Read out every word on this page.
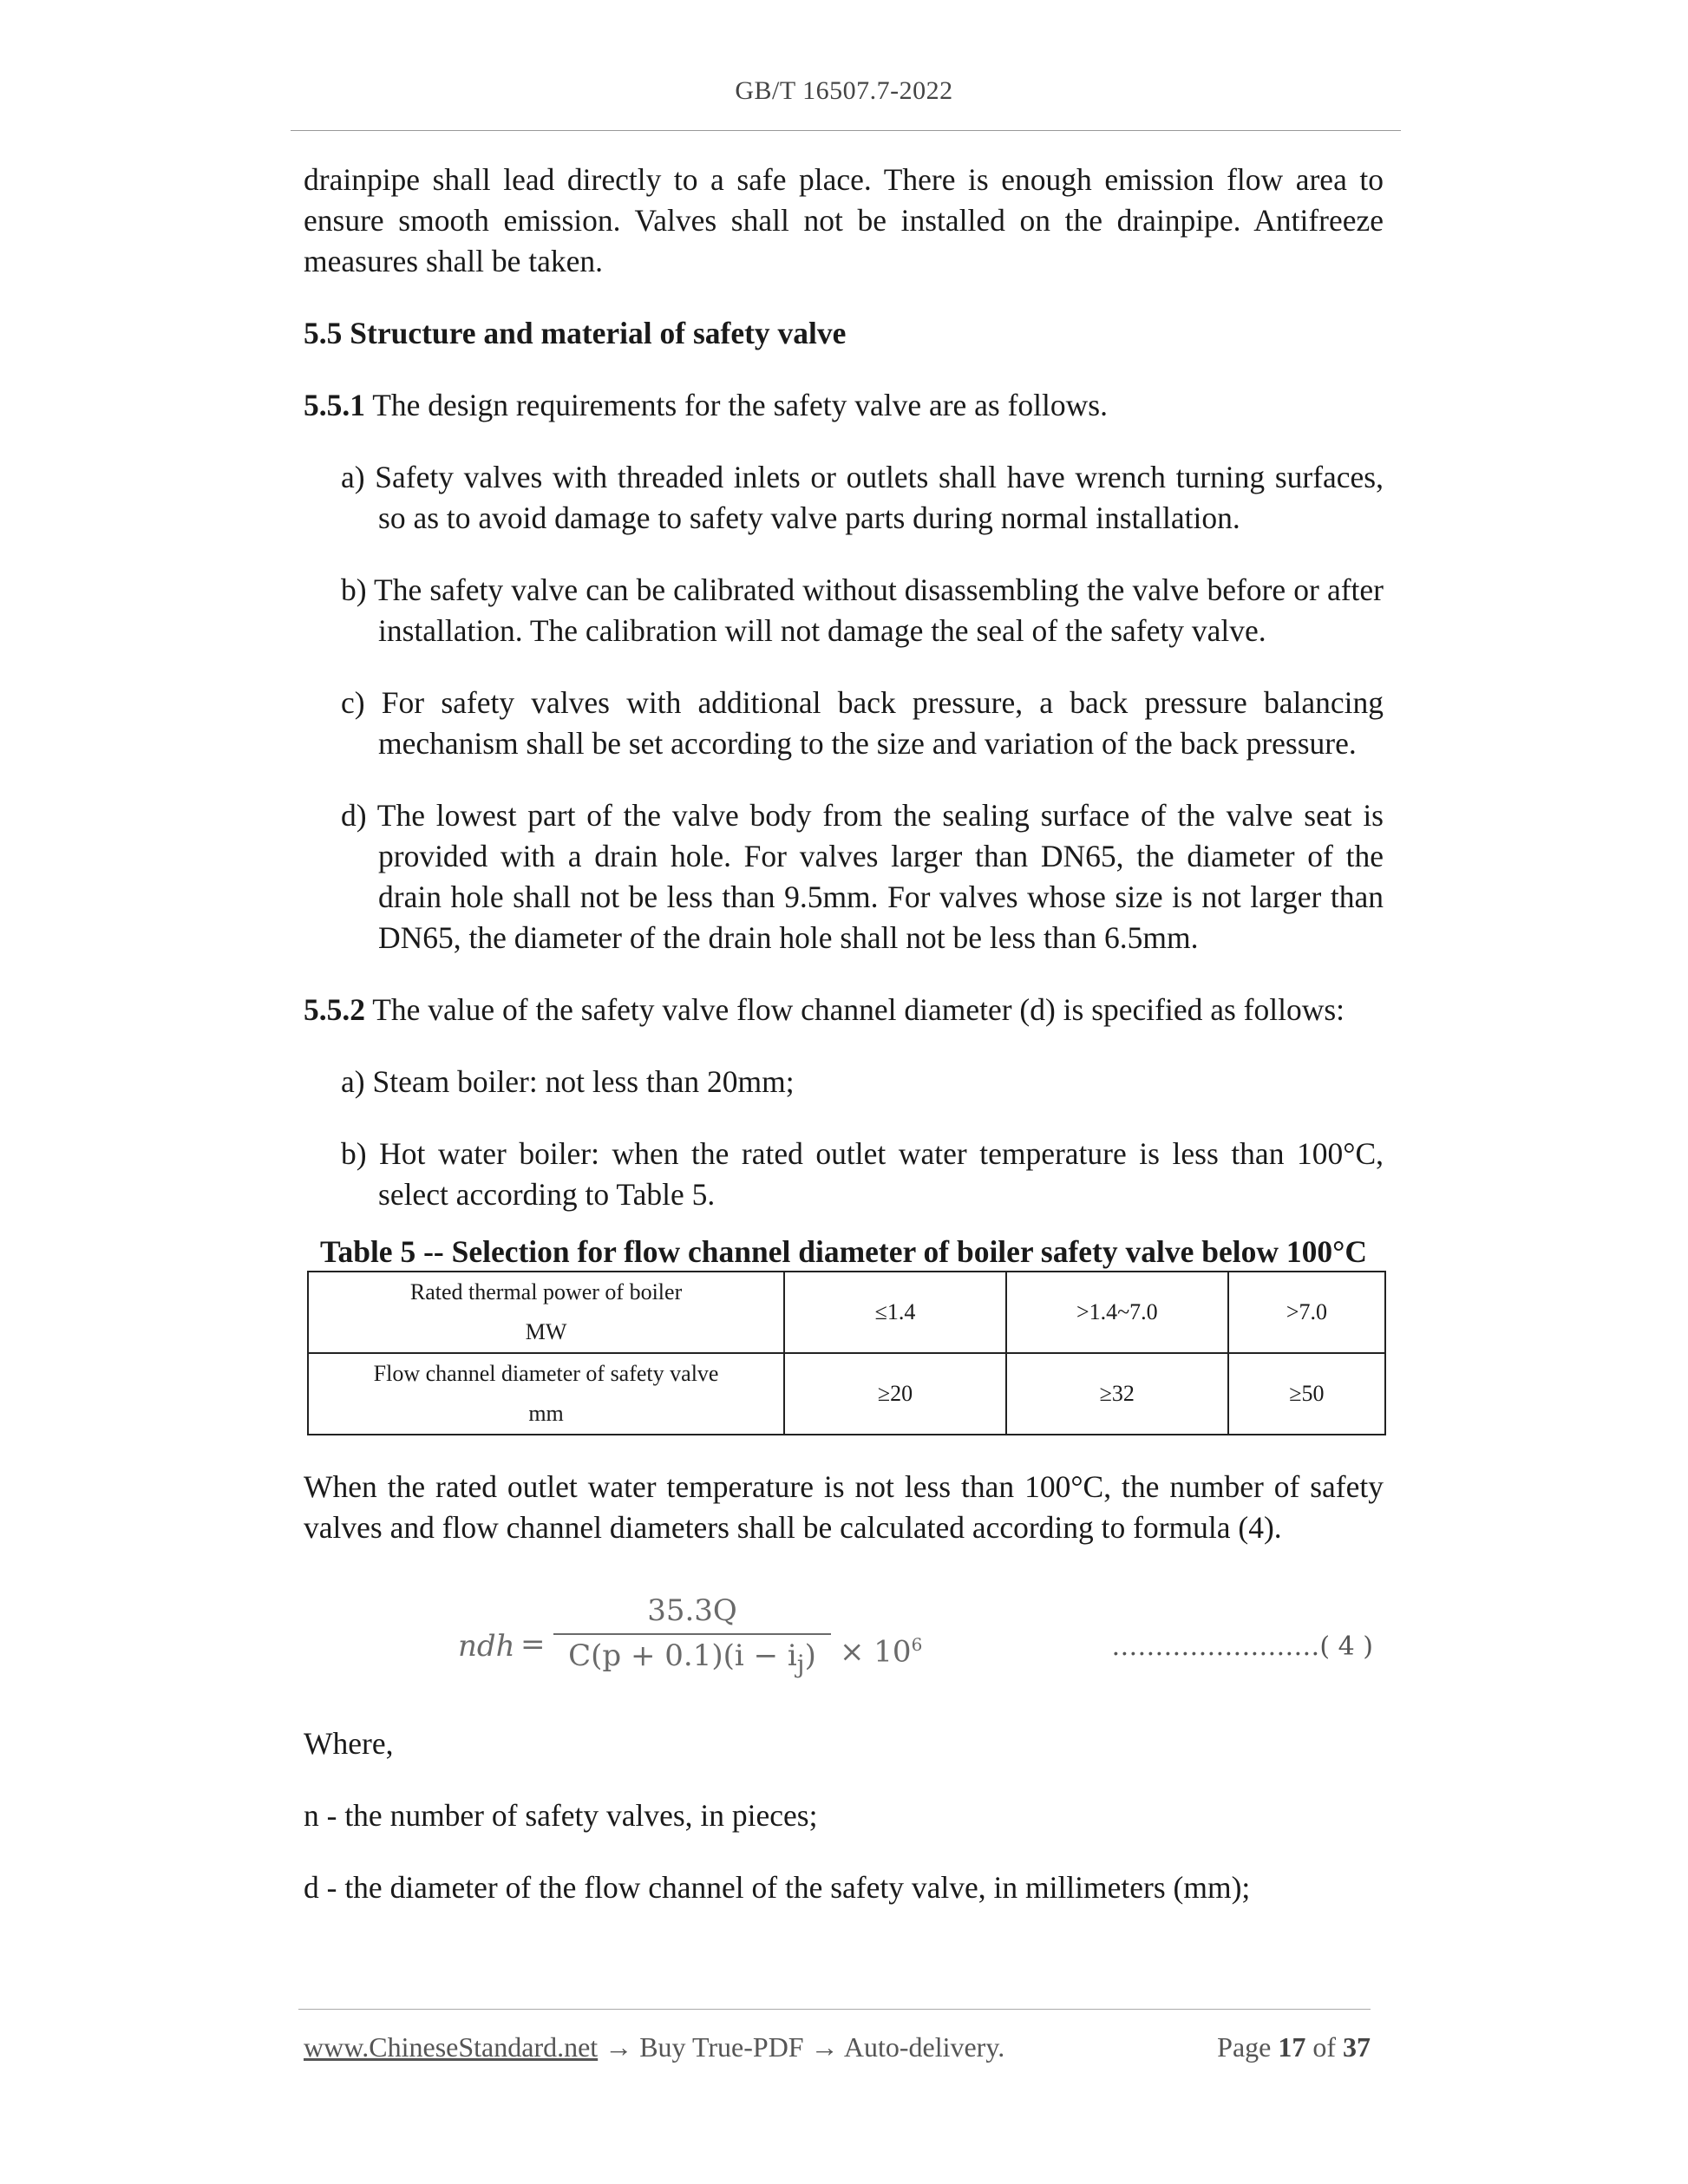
GB/T 16507.7-2022

drainpipe shall lead directly to a safe place. There is enough emission flow area to ensure smooth emission. Valves shall not be installed on the drainpipe. Antifreeze measures shall be taken.

5.5 Structure and material of safety valve

5.5.1 The design requirements for the safety valve are as follows.

a) Safety valves with threaded inlets or outlets shall have wrench turning surfaces, so as to avoid damage to safety valve parts during normal installation.

b) The safety valve can be calibrated without disassembling the valve before or after installation. The calibration will not damage the seal of the safety valve.

c) For safety valves with additional back pressure, a back pressure balancing mechanism shall be set according to the size and variation of the back pressure.

d) The lowest part of the valve body from the sealing surface of the valve seat is provided with a drain hole. For valves larger than DN65, the diameter of the drain hole shall not be less than 9.5mm. For valves whose size is not larger than DN65, the diameter of the drain hole shall not be less than 6.5mm.

5.5.2 The value of the safety valve flow channel diameter (d) is specified as follows:

a) Steam boiler: not less than 20mm;

b) Hot water boiler: when the rated outlet water temperature is less than 100°C, select according to Table 5.

Table 5 -- Selection for flow channel diameter of boiler safety valve below 100°C

Rated thermal power of boiler
MW	≤1.4	>1.4~7.0	>7.0

Flow channel diameter of safety valve
mm	≥20	≥32	≥50

When the rated outlet water temperature is not less than 100°C, the number of safety valves and flow channel diameters shall be calculated according to formula (4).

ndh =
35.3Q
$C(p + 0.1)(i - i_j) \times 10^6$	……………………( 4 )

Where,

n - the number of safety valves, in pieces;

d - the diameter of the flow channel of the safety valve, in millimeters (mm);

www.ChineseStandard.net → Buy True-PDF → Auto-delivery.	Page 17 of 37
